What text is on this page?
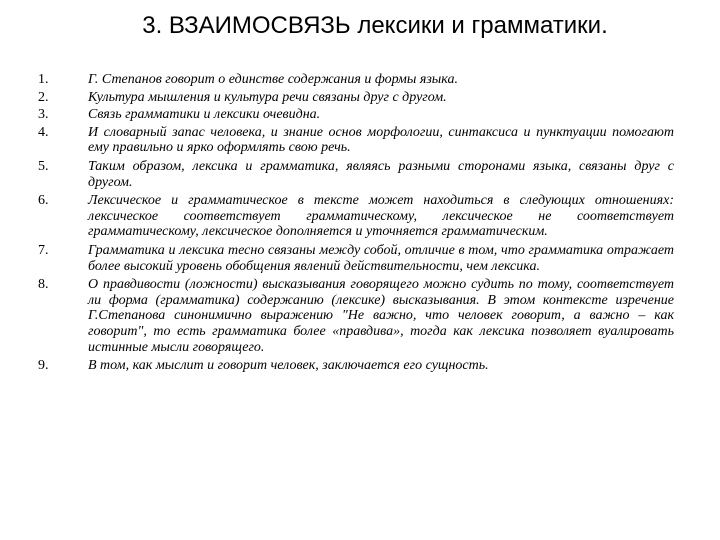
3. ВЗАИМОСВЯЗЬ лексики и грамматики.
1.	Г. Степанов говорит о единстве содержания и формы языка.
2.	Культура мышления и культура речи связаны друг с другом.
3.	Связь грамматики и лексики очевидна.
4.	И словарный запас человека, и знание основ морфологии, синтаксиса и пунктуации помогают ему правильно и ярко оформлять свою речь.
5.	Таким образом, лексика и грамматика, являясь разными сторонами языка, связаны друг с другом.
6.	Лексическое и грамматическое в тексте может находиться в следующих отношениях: лексическое соответствует грамматическому, лексическое не соответствует грамматическому, лексическое дополняется и уточняется грамматическим.
7.	Грамматика и лексика тесно связаны между собой, отличие в том, что грамматика отражает более высокий уровень обобщения явлений действительности, чем лексика.
8.	О правдивости (ложности) высказывания говорящего можно судить по тому, соответствует ли форма (грамматика) содержанию (лексике) высказывания. В этом контексте изречение Г.Степанова синонимично выражению "Не важно, что человек говорит, а важно – как говорит", то есть грамматика более «правдива», тогда как лексика позволяет вуалировать истинные мысли говорящего.
9.	В том, как мыслит и говорит человек, заключается его сущность.
